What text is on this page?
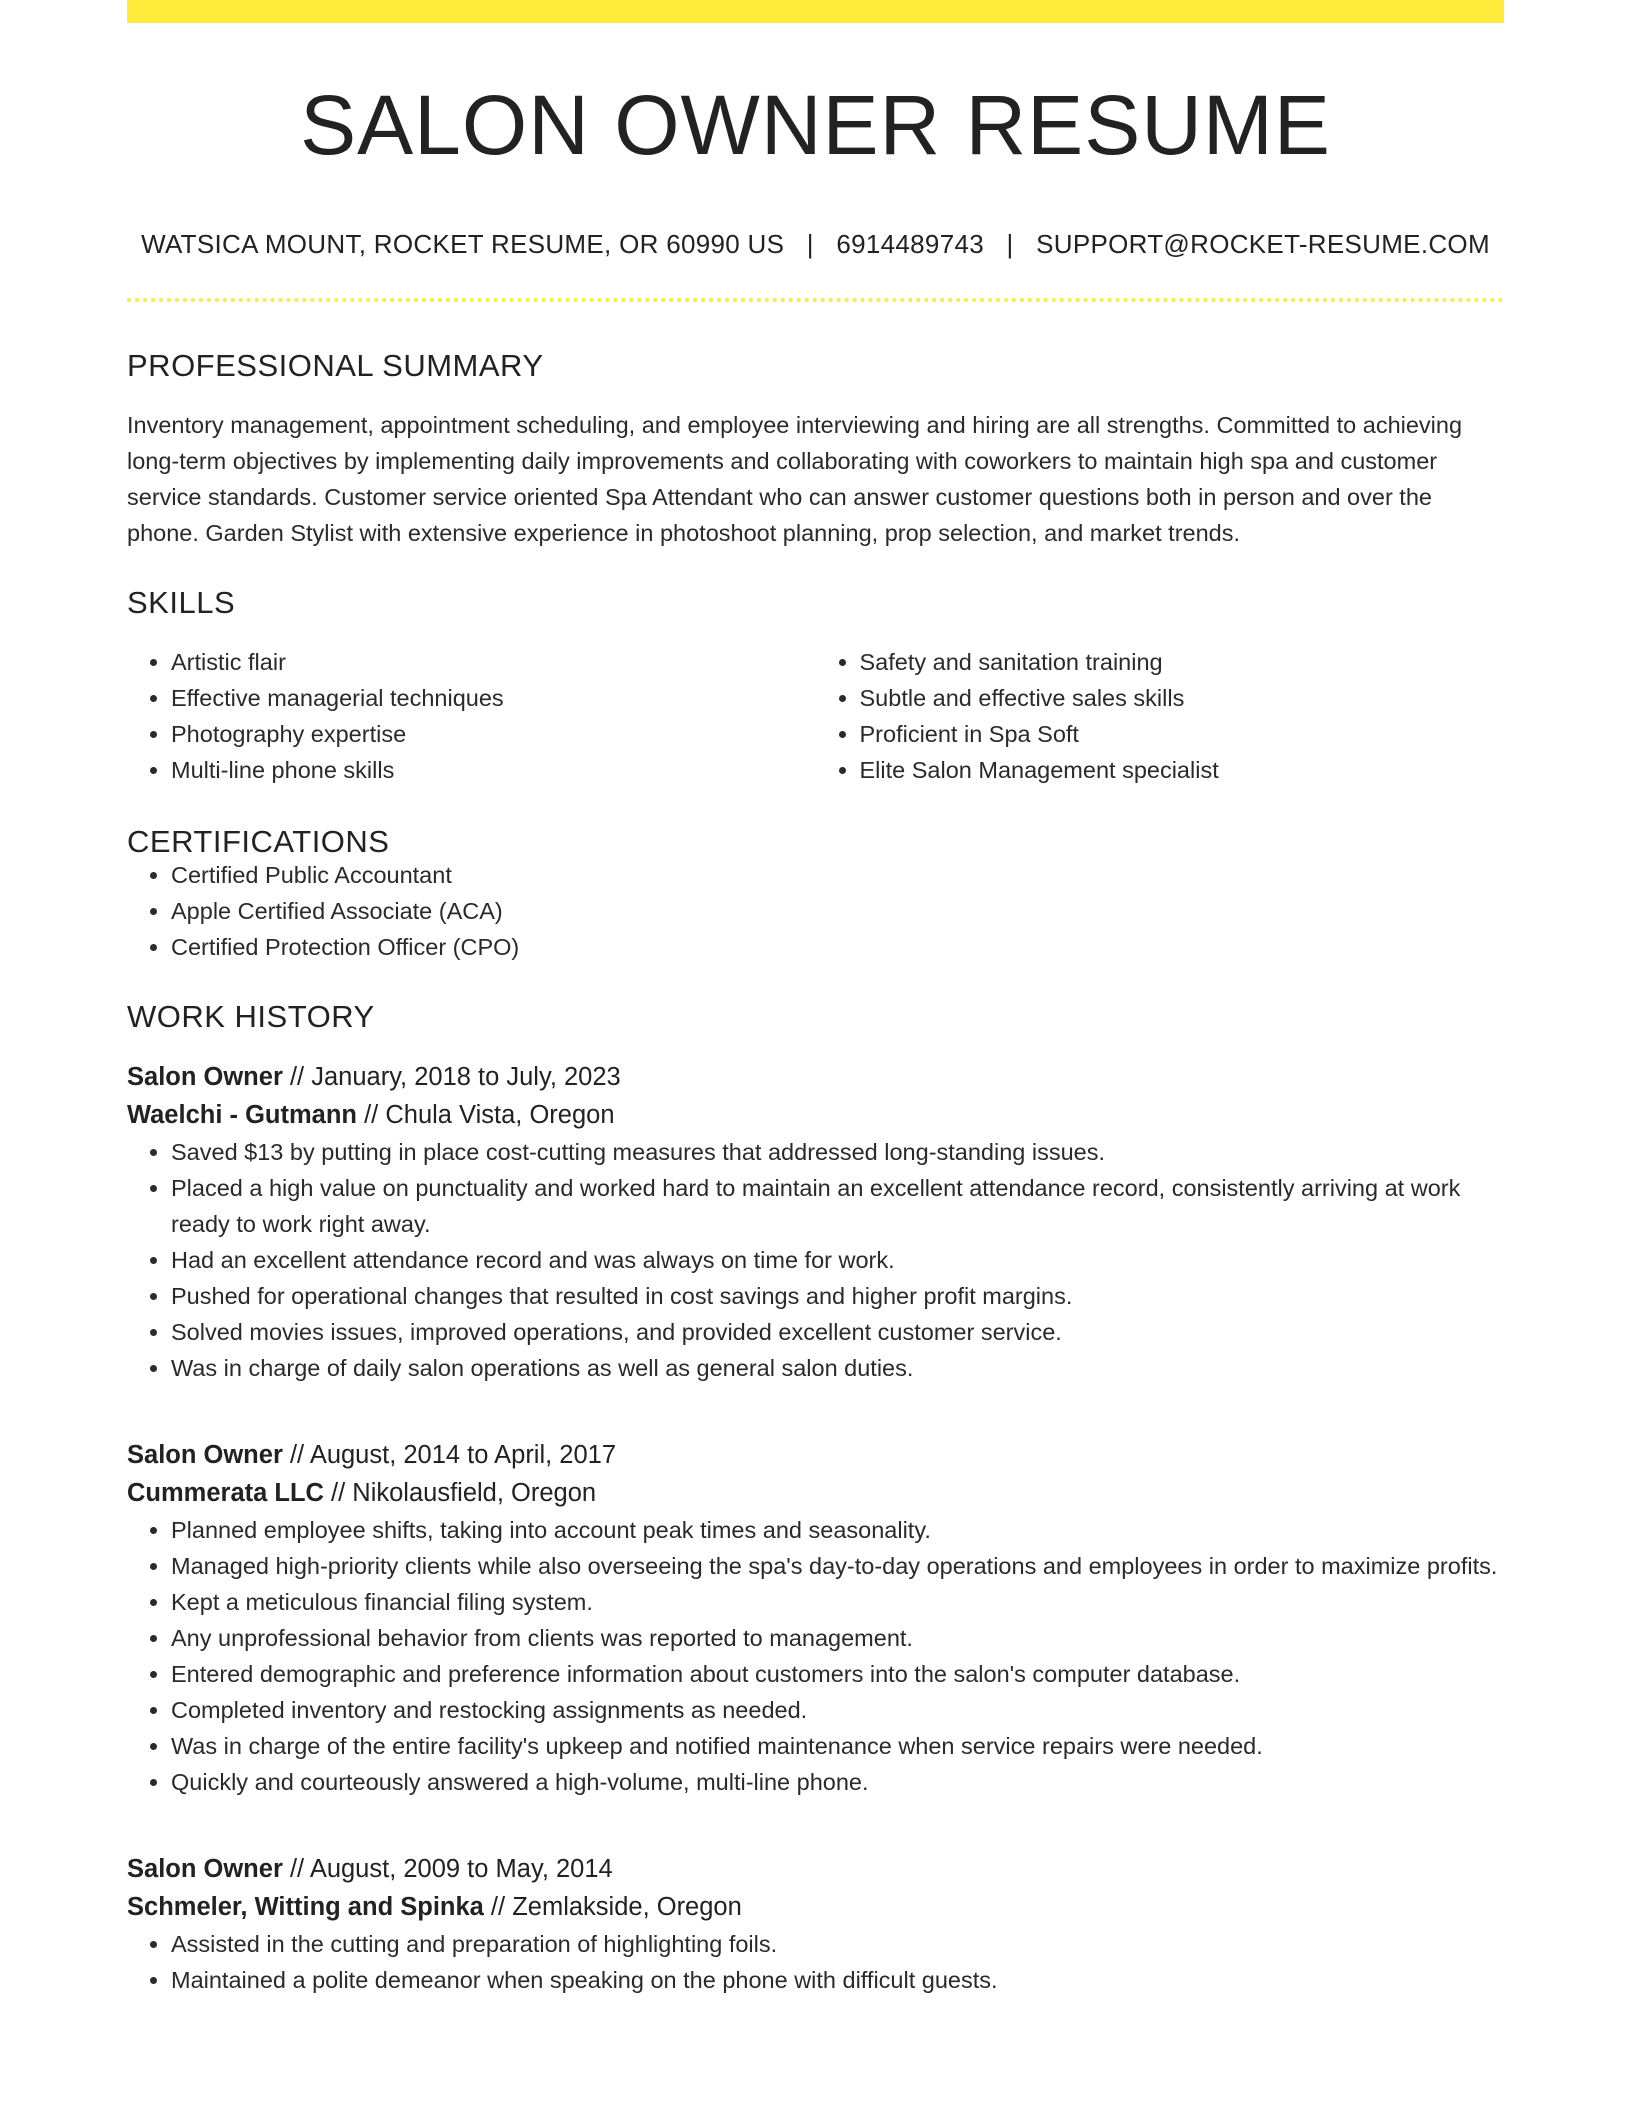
SALON OWNER RESUME
WATSICA MOUNT, ROCKET RESUME, OR 60990 US | 6914489743 | SUPPORT@ROCKET-RESUME.COM
PROFESSIONAL SUMMARY
Inventory management, appointment scheduling, and employee interviewing and hiring are all strengths. Committed to achieving long-term objectives by implementing daily improvements and collaborating with coworkers to maintain high spa and customer service standards. Customer service oriented Spa Attendant who can answer customer questions both in person and over the phone. Garden Stylist with extensive experience in photoshoot planning, prop selection, and market trends.
SKILLS
• Artistic flair
• Effective managerial techniques
• Photography expertise
• Multi-line phone skills
• Safety and sanitation training
• Subtle and effective sales skills
• Proficient in Spa Soft
• Elite Salon Management specialist
CERTIFICATIONS
• Certified Public Accountant
• Apple Certified Associate (ACA)
• Certified Protection Officer (CPO)
WORK HISTORY
Salon Owner // January, 2018 to July, 2023
Waelchi - Gutmann // Chula Vista, Oregon
• Saved $13 by putting in place cost-cutting measures that addressed long-standing issues.
• Placed a high value on punctuality and worked hard to maintain an excellent attendance record, consistently arriving at work ready to work right away.
• Had an excellent attendance record and was always on time for work.
• Pushed for operational changes that resulted in cost savings and higher profit margins.
• Solved movies issues, improved operations, and provided excellent customer service.
• Was in charge of daily salon operations as well as general salon duties.
Salon Owner // August, 2014 to April, 2017
Cummerata LLC // Nikolausfield, Oregon
• Planned employee shifts, taking into account peak times and seasonality.
• Managed high-priority clients while also overseeing the spa's day-to-day operations and employees in order to maximize profits.
• Kept a meticulous financial filing system.
• Any unprofessional behavior from clients was reported to management.
• Entered demographic and preference information about customers into the salon's computer database.
• Completed inventory and restocking assignments as needed.
• Was in charge of the entire facility's upkeep and notified maintenance when service repairs were needed.
• Quickly and courteously answered a high-volume, multi-line phone.
Salon Owner // August, 2009 to May, 2014
Schmeler, Witting and Spinka // Zemlakside, Oregon
• Assisted in the cutting and preparation of highlighting foils.
• Maintained a polite demeanor when speaking on the phone with difficult guests.
